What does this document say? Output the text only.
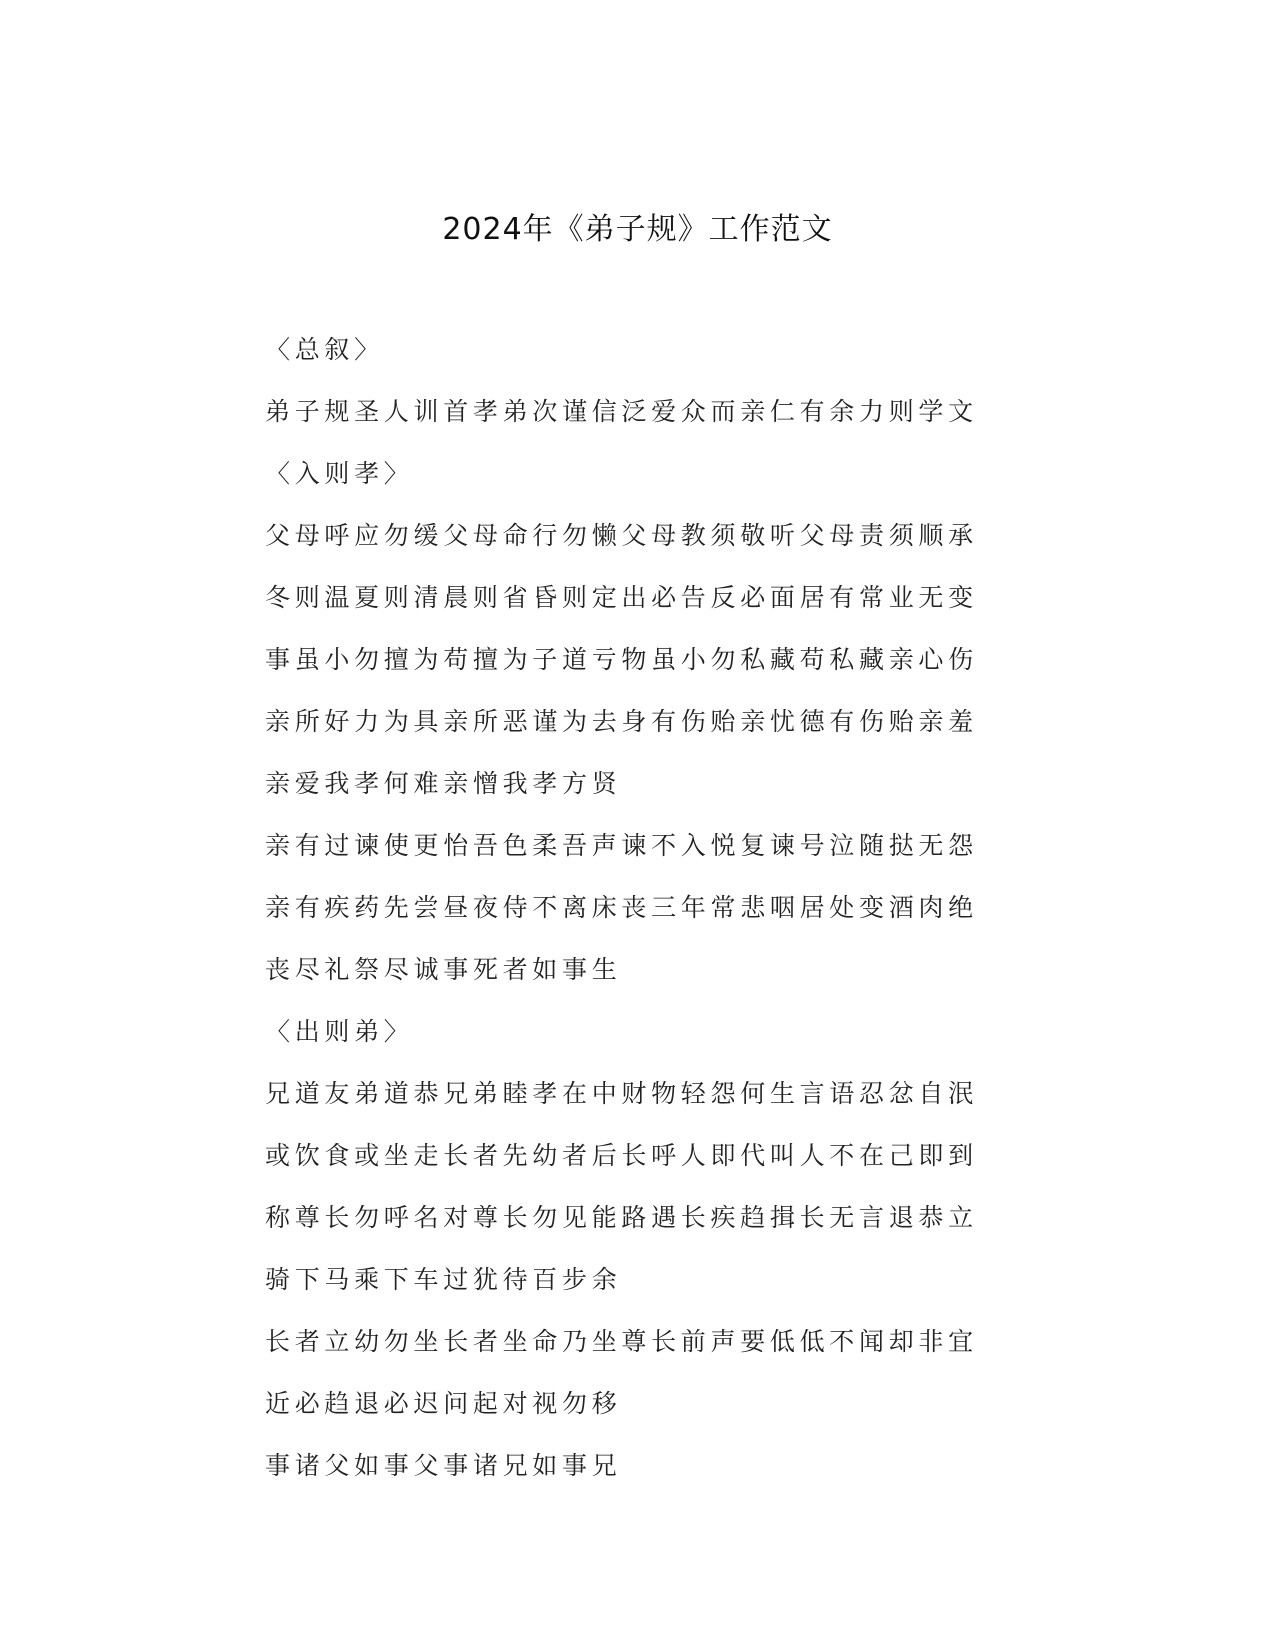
2024年《弟子规》工作范文
〈总叙〉
弟子规圣人训首孝弟次谨信泛爱众而亲仁有余力则学文
〈入则孝〉
父母呼应勿缓父母命行勿懒父母教须敬听父母责须顺承
冬则温夏则清晨则省昏则定出必告反必面居有常业无变
事虽小勿擅为苟擅为子道亏物虽小勿私藏苟私藏亲心伤
亲所好力为具亲所恶谨为去身有伤贻亲忧德有伤贻亲羞
亲爱我孝何难亲憎我孝方贤
亲有过谏使更怡吾色柔吾声谏不入悦复谏号泣随挞无怨
亲有疾药先尝昼夜侍不离床丧三年常悲咽居处变酒肉绝
丧尽礼祭尽诚事死者如事生
〈出则弟〉
兄道友弟道恭兄弟睦孝在中财物轻怨何生言语忍忿自泯
或饮食或坐走长者先幼者后长呼人即代叫人不在己即到
称尊长勿呼名对尊长勿见能路遇长疾趋揖长无言退恭立
骑下马乘下车过犹待百步余
长者立幼勿坐长者坐命乃坐尊长前声要低低不闻却非宜
近必趋退必迟问起对视勿移
事诸父如事父事诸兄如事兄
